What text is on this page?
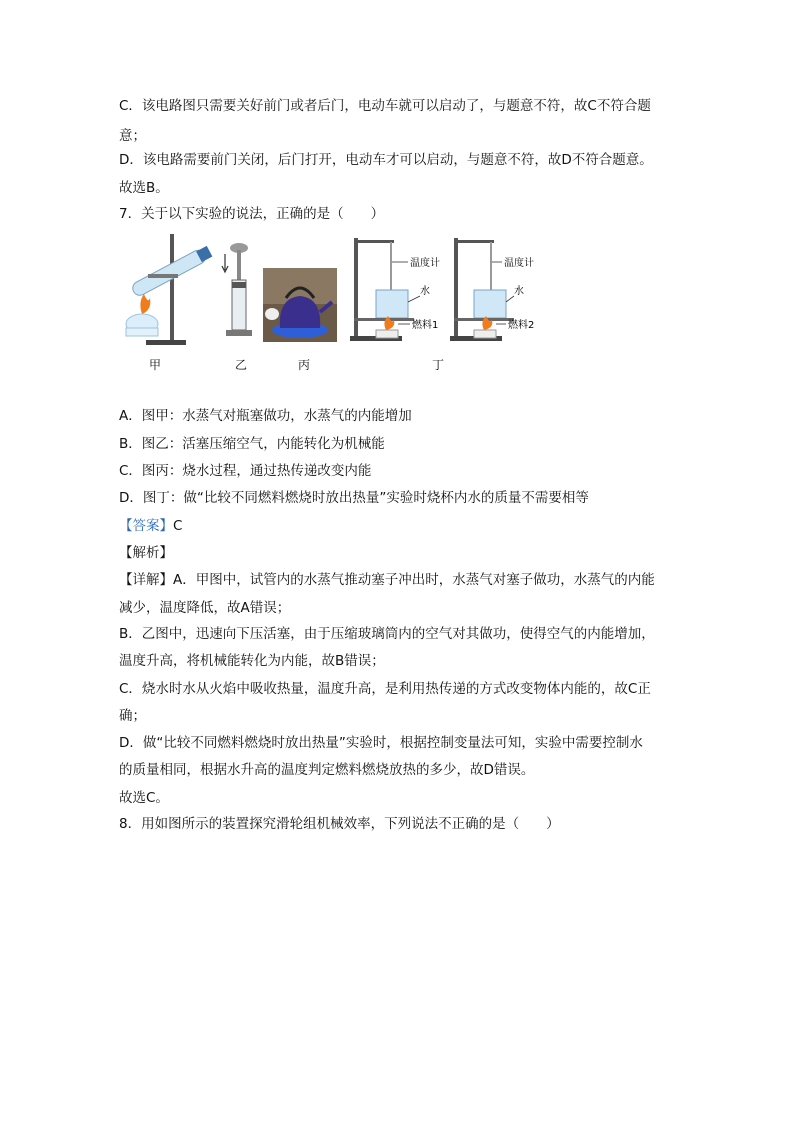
C．该电路图只需要关好前门或者后门，电动车就可以启动了，与题意不符，故C不符合题
意；
D．该电路需要前门关闭，后门打开，电动车才可以启动，与题意不符，故D不符合题意。
故选B。
7．关于以下实验的说法，正确的是（　　）
温度计
水
燃料1
温度计
水
燃料2
甲	乙	丙	丁
A．图甲：水蒸气对瓶塞做功，水蒸气的内能增加
B．图乙：活塞压缩空气，内能转化为机械能
C．图丙：烧水过程，通过热传递改变内能
D．图丁：做“比较不同燃料燃烧时放出热量”实验时烧杯内水的质量不需要相等
【答案】C
【解析】
【详解】A．甲图中，试管内的水蒸气推动塞子冲出时，水蒸气对塞子做功，水蒸气的内能
减少，温度降低，故A错误；
B．乙图中，迅速向下压活塞，由于压缩玻璃筒内的空气对其做功，使得空气的内能增加，
温度升高，将机械能转化为内能，故B错误；
C．烧水时水从火焰中吸收热量，温度升高，是利用热传递的方式改变物体内能的，故C正
确；
D．做“比较不同燃料燃烧时放出热量”实验时，根据控制变量法可知，实验中需要控制水
的质量相同，根据水升高的温度判定燃料燃烧放热的多少，故D错误。
故选C。
8．用如图所示的装置探究滑轮组机械效率，下列说法不正确的是（　　）
